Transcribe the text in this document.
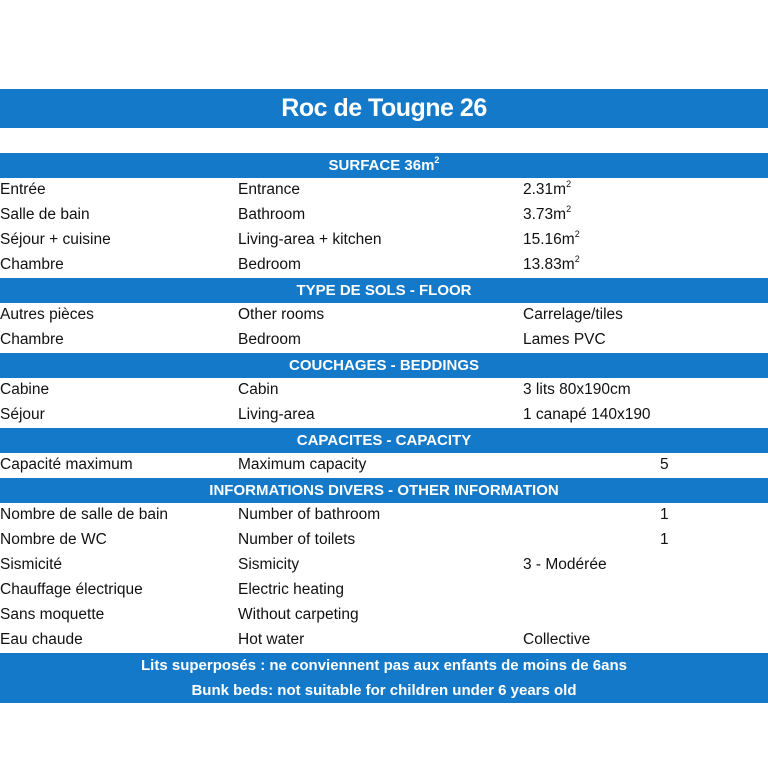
Roc de Tougne 26
SURFACE $36m^2$
Entrée	Entrance	$2.31m^2$
Salle de bain	Bathroom	$3.73m^2$
Séjour + cuisine	Living-area + kitchen	$15.16m^2$
Chambre	Bedroom	$13.83m^2$
TYPE DE SOLS - FLOOR
Autres pièces	Other rooms	Carrelage/tiles
Chambre	Bedroom	Lames PVC
COUCHAGES - BEDDINGS
Cabine	Cabin	3 lits 80x190cm
Séjour	Living-area	1 canapé 140x190
CAPACITES - CAPACITY
Capacité maximum	Maximum capacity	5
INFORMATIONS DIVERS - OTHER INFORMATION
Nombre de salle de bain	Number of bathroom	1
Nombre de WC	Number of toilets	1
Sismicité	Sismicity	3 - Modérée
Chauffage électrique	Electric heating
Sans moquette	Without carpeting
Eau chaude	Hot water	Collective
Lits superposés : ne conviennent pas aux enfants de moins de 6ans
Bunk beds: not suitable for children under 6 years old
